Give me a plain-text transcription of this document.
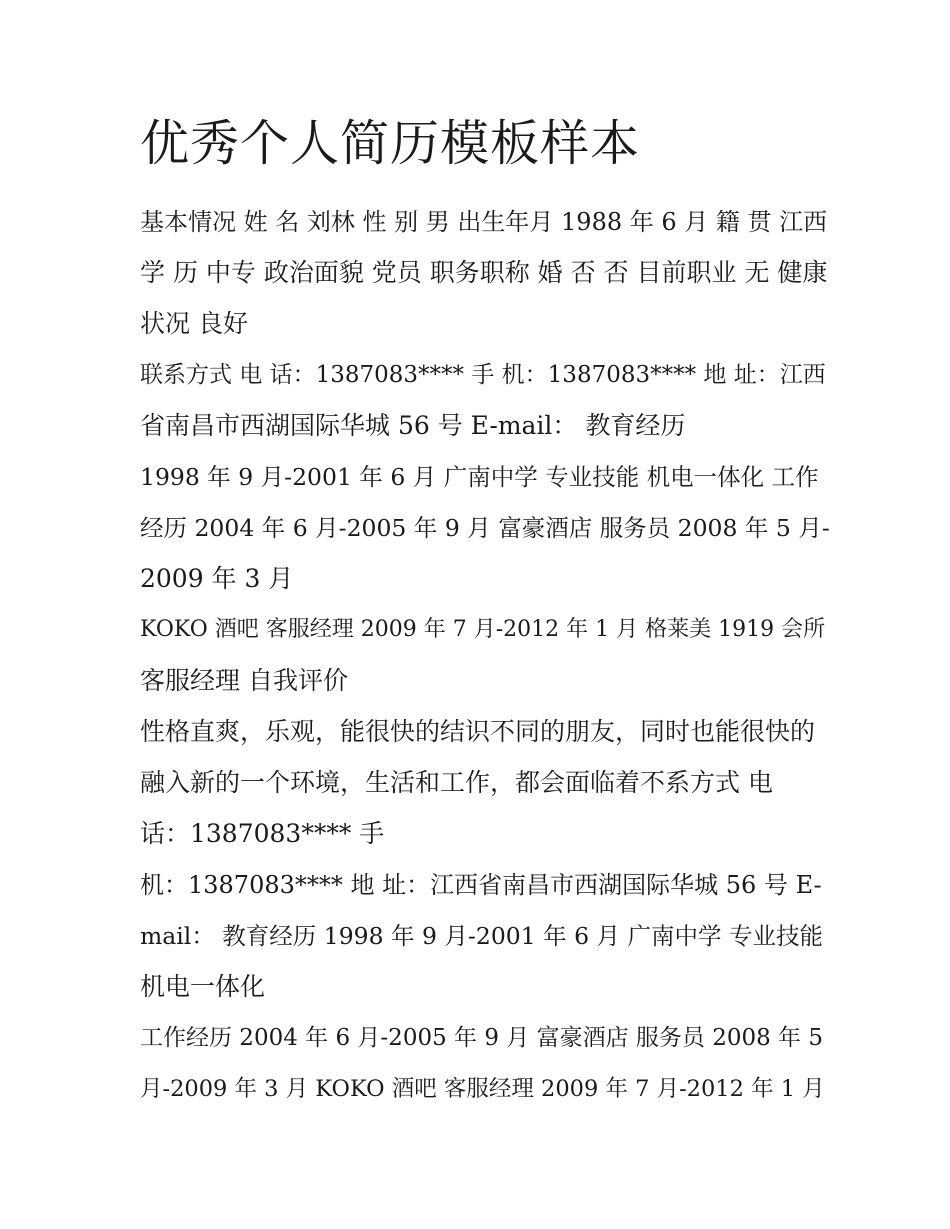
优秀个人简历模板样本
基本情况 姓 名 刘林 性 别 男 出生年月 1988 年 6 月 籍 贯 江西
学 历 中专 政治面貌 党员 职务职称 婚 否 否 目前职业 无 健康
状况 良好
联系方式 电 话：1387083**** 手 机：1387083**** 地 址：江西
省南昌市西湖国际华城 56 号 E-mail： 教育经历
1998 年 9 月-2001 年 6 月 广南中学 专业技能 机电一体化 工作
经历 2004 年 6 月-2005 年 9 月 富豪酒店 服务员 2008 年 5 月-
2009 年 3 月
KOKO 酒吧 客服经理 2009 年 7 月-2012 年 1 月 格莱美 1919 会所
客服经理 自我评价
性格直爽，乐观，能很快的结识不同的朋友，同时也能很快的
融入新的一个环境，生活和工作，都会面临着不系方式 电
话：1387083**** 手
机：1387083**** 地 址：江西省南昌市西湖国际华城 56 号 E-
mail： 教育经历 1998 年 9 月-2001 年 6 月 广南中学 专业技能
机电一体化
工作经历 2004 年 6 月-2005 年 9 月 富豪酒店 服务员 2008 年 5
月-2009 年 3 月 KOKO 酒吧 客服经理 2009 年 7 月-2012 年 1 月
